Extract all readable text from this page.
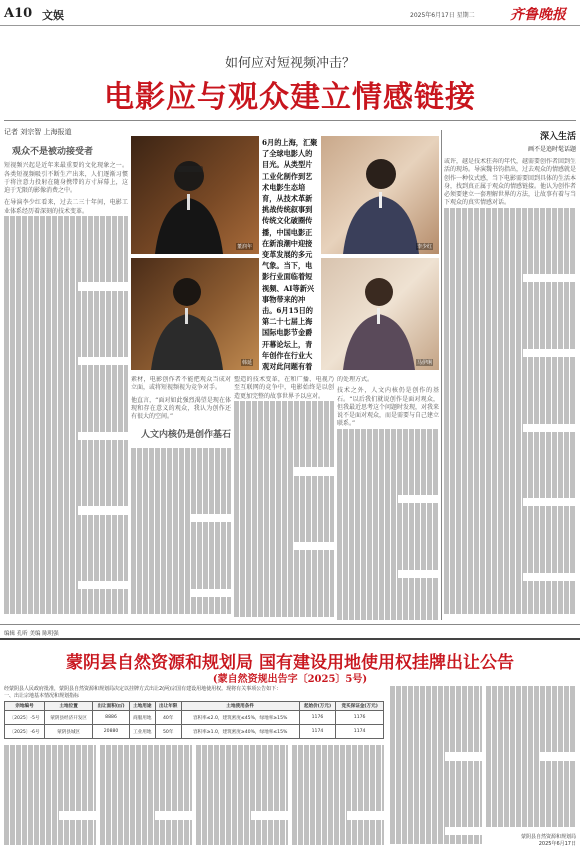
A10 文娱	2025年6月17日 星期二	齐鲁晚报
如何应对短视频冲击？
电影应与观众建立情感链接
记者 刘宗智 上海报道
观众不是被动接受者
短视频兴起是近年来最重要的文化现象之一。各类短视频吸引不断生产出来，人们逐渐习惯于将注意力投射在随身携带的方寸屏幕上，这迫于无限的影像消费之中。
在导演李少红看来，过去二三十年间，电影工业体系经历着深刻的技术变革。
董润年
韩延
6月的上海，汇聚了全球电影人的目光。从类型片工业化制作到艺术电影生态培育，从技术革新挑战传统叙事到传统文化破圈传播，中国电影正在新浪潮中迎接变革发展的多元气象。当下，电影行业面临着短视频、AI等新兴事物带来的冲击。6月15日的第二十七届上海国际电影节金爵开幕论坛上，青年创作在行业大观对此问题有着
李少红
马伊琍
深入生活
画不是追时髦话题
或许，越是技术狂奔的年代，越需要创作者回到生活的现场。导演魏书钧指出，过去观众的情感就是创作一种仪式感，当下电影需要回到具体的生活本身，找到真正属于观众的情感链接。他认为创作者必须要建立一套理解世界的方法，让故事有着与当下观众的真实情感对话。
素材，电影创作者不能把观众当成对立面，或将短视频视为竞争对手。
他直言，“面对如此强烈渴望是现在体现和存在意义的观众，我认为创作还有很大的空间。”
人文内核仍是创作基石
塑造的技术变革，在和广播、电视乃至互联网的竞争中，电影始终是以创造更加完整的故事世界予以应对。
的处理方式。
技术之外，人文内核仍是创作的基石。“以后我们就说创作是面对观众，但我最近思考这个问题时发现，对我来说不是面对观众，而是需要与自己建立联系。”
编辑 孔昕 美编 陈明强
蒙阴县自然资源和规划局 国有建设用地使用权挂牌出让公告
(蒙自然资规出告字〔2025〕5号)
经蒙阴县人民政府批准，蒙阴县自然资源和规划局决定以挂牌方式出让2(两)宗国有建设用地使用权。现将有关事项公告如下：
一、出让宗地基本情况和规划指标
宗地编号	土地位置	出让面积(㎡)	土地用途	出让年限	土地使用条件	起始价(万元)	竞买保证金(万元)
〔2025〕-5号	蒙阴县经济开发区	8886	商服用地	40年	容积率≤2.0，建筑密度≤45%，绿地率≥15%	1176	1176
〔2025〕-6号	蒙阴县城区	20880	工业用地	50年	容积率≥1.0，建筑密度≥40%，绿地率≤15%	1174	1174
蒙阴县自然资源和规划局
2025年6月17日
